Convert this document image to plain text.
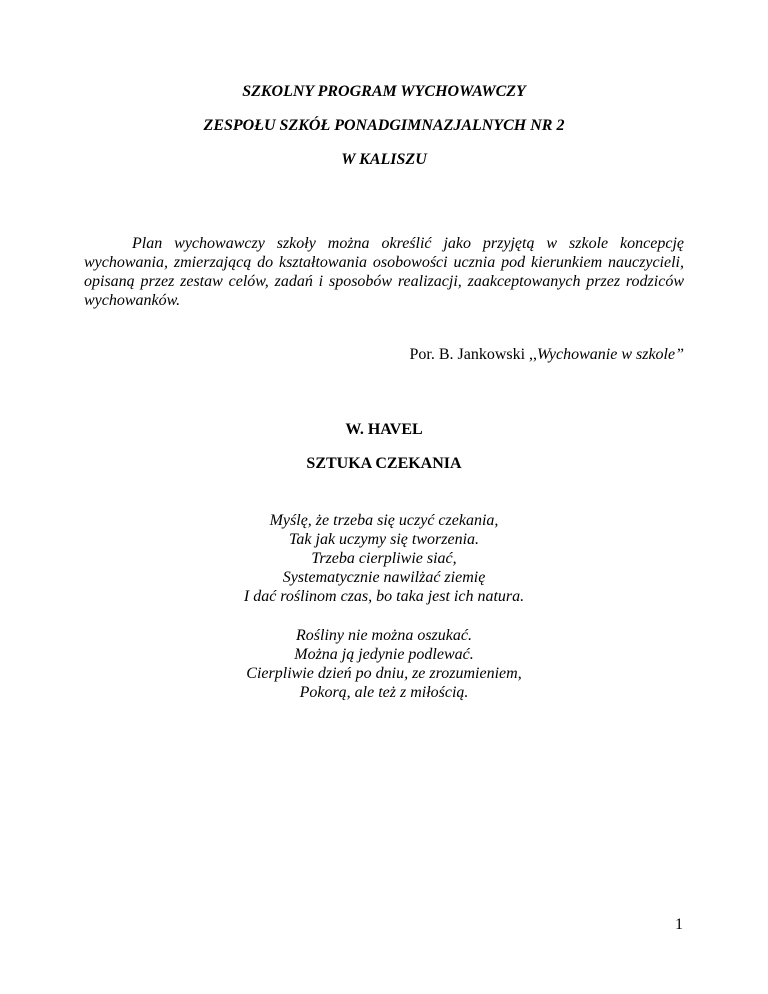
SZKOLNY PROGRAM WYCHOWAWCZY
ZESPOŁU SZKÓŁ PONADGIMNAZJALNYCH NR 2
W KALISZU

Plan wychowawczy szkoły można określić jako przyjętą w szkole koncepcję wychowania, zmierzającą do kształtowania osobowości ucznia pod kierunkiem nauczycieli, opisaną przez zestaw celów, zadań i sposobów realizacji, zaakceptowanych przez rodziców wychowanków.

Por. B. Jankowski ,,Wychowanie w szkole”

W. HAVEL
SZTUKA CZEKANIA
Myślę, że trzeba się uczyć czekania,
Tak jak uczymy się tworzenia.
Trzeba cierpliwie siać,
Systematycznie nawilżać ziemię
I dać roślinom czas, bo taka jest ich natura.
Rośliny nie można oszukać.
Można ją jedynie podlewać.
Cierpliwie dzień po dniu, ze zrozumieniem,
Pokorą, ale też z miłością.
1
